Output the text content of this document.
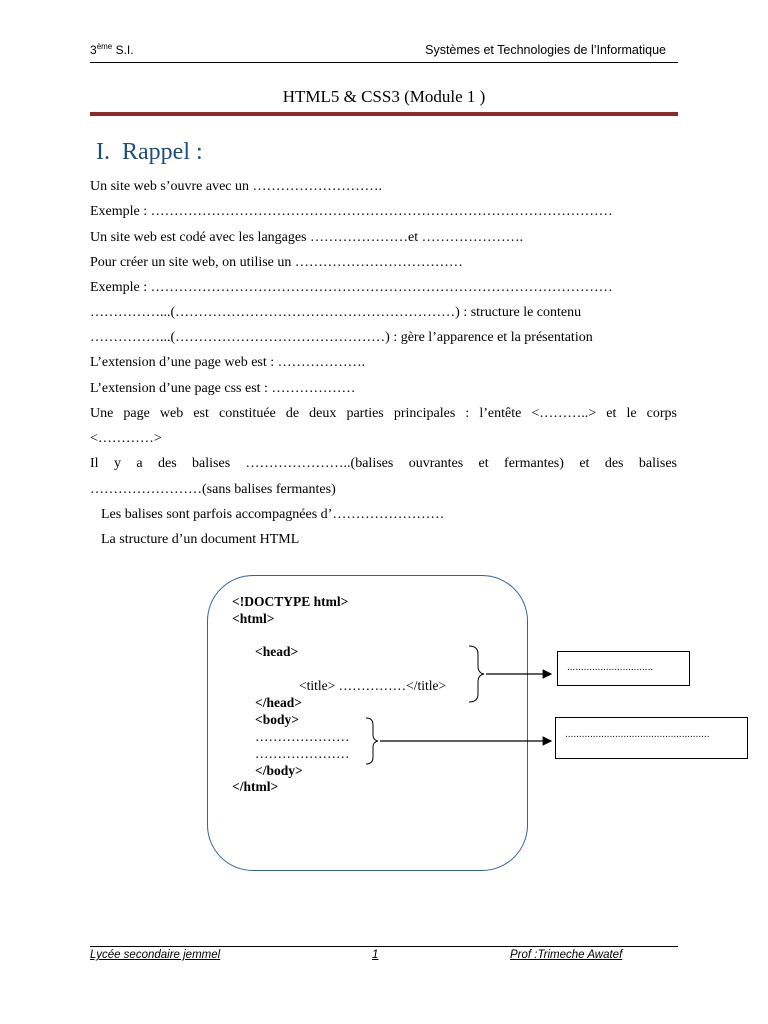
3ème S.I.	Systèmes et Technologies de l’Informatique
HTML5 & CSS3 (Module 1 )
I. Rappel :
Un site web s’ouvre avec un ……………………….
Exemple : ………………………………………………………………………………………
Un site web est codé avec les langages …………………et ………………….
Pour créer un site web, on utilise un ………………………………
Exemple : ………………………………………………………………………………………
……………...(……………………………………………………) : structure le contenu
……………...(………………………………………) : gère l’apparence et la présentation
L’extension d’une page web est : ……………….
L’extension d’une page css est : ………………
Une page web est constituée de deux parties principales : l’entête <………..> et le corps
<…………>
Il y a des balises …………………..(balises ouvrantes et fermantes) et des balises
……………………(sans balises fermantes)
Les balises sont parfois accompagnées d’……………………
La structure d’un document HTML
<!DOCTYPE html>
<html>
<head>
<title> ……………</title>
</head>
<body>
…………………
…………………
</body>
</html>
...............................
....................................................
Lycée secondaire jemmel	1	Prof :Trimeche Awatef
